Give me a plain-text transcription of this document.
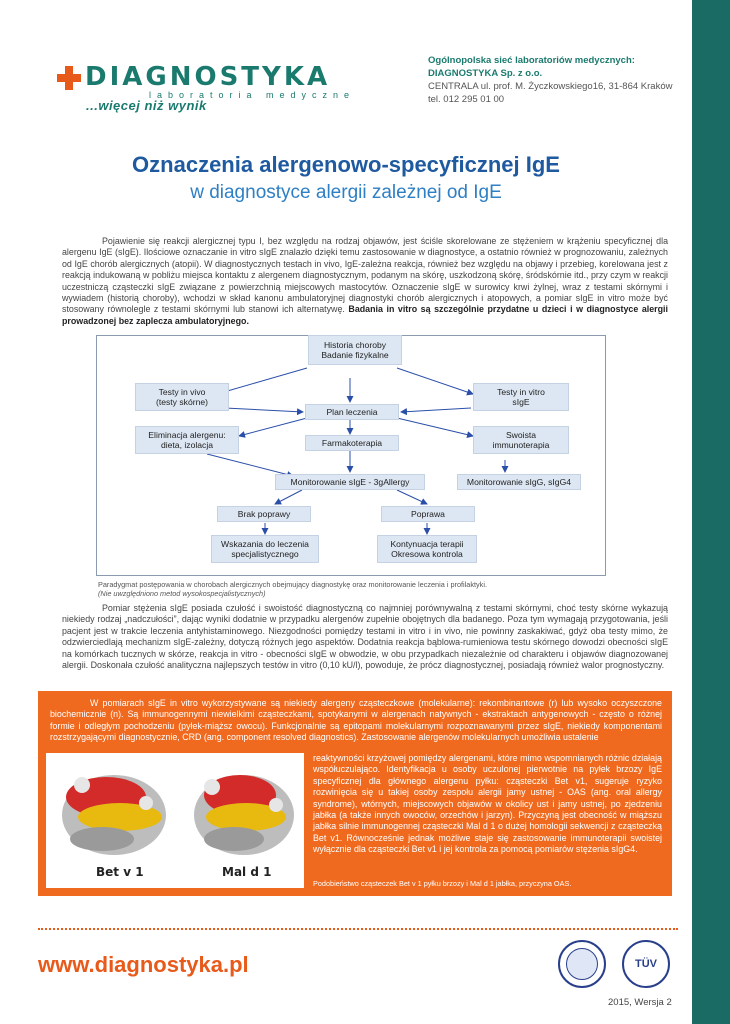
DIAGNOSTYKA
laboratoria medyczne
...więcej niż wynik
Ogólnopolska sieć laboratoriów medycznych:
DIAGNOSTYKA Sp. z o.o.
CENTRALA ul. prof. M. Życzkowskiego16, 31-864 Kraków
tel. 012 295 01 00
Oznaczenia alergenowo-specyficznej IgE
w diagnostyce alergii zależnej od IgE
Pojawienie się reakcji alergicznej typu I, bez względu na rodzaj objawów, jest ściśle skorelowane ze stężeniem w krążeniu specyficznej dla alergenu IgE (sIgE). Ilościowe oznaczanie in vitro sIgE znalazło dzięki temu zastosowanie w diagnostyce, a ostatnio również w prognozowaniu, zależnych od IgE chorób alergicznych (atopii). W diagnostycznych testach in vivo, IgE-zależna reakcja, również bez względu na objawy i przebieg, korelowana jest z reakcją indukowaną w pobliżu miejsca kontaktu z alergenem diagnostycznym, podanym na skórę, uszkodzoną skórę, śródskórnie itd., przy czym w reakcji uczestniczą cząsteczki sIgE związane z powierzchnią miejscowych mastocytów. Oznaczenie sIgE w surowicy krwi żylnej, wraz z testami skórnymi i wywiadem (historią choroby), wchodzi w skład kanonu ambulatoryjnej diagnostyki chorób alergicznych i atopowych, a pomiar sIgE in vitro może być stosowany równolegle z testami skórnymi lub stanowi ich alternatywę. Badania in vitro są szczególnie przydatne u dzieci i w diagnostyce alergii prowadzonej bez zaplecza ambulatoryjnego.
Historia choroby
Badanie fizykalne
Testy in vivo
(testy skórne)
Testy in vitro
sIgE
Plan leczenia
Eliminacja alergenu:
dieta, izolacja
Swoista
immunoterapia
Farmakoterapia
Monitorowanie sIgE - 3gAllergy	Monitorowanie sIgG, sIgG4
Brak poprawy	Poprawa
Wskazania do leczenia
specjalistycznego
Kontynuacja terapii
Okresowa kontrola
Paradygmat postępowania w chorobach alergicznych obejmujący diagnostykę oraz monitorowanie leczenia i profilaktyki.
(Nie uwzględniono metod wysokospecjalistycznych)
Pomiar stężenia sIgE posiada czułość i swoistość diagnostyczną co najmniej porównywalną z testami skórnymi, choć testy skórne wykazują niekiedy rodzaj „nadczułości”, dając wyniki dodatnie w przypadku alergenów zupełnie obojętnych dla badanego. Poza tym wymagają przygotowania, jeśli pacjent jest w trakcie leczenia antyhistaminowego. Niezgodności pomiędzy testami in vitro i in vivo, nie powinny zaskakiwać, gdyż oba testy mimo, że odzwierciedlają mechanizm sIgE-zależny, dotyczą różnych jego aspektów. Dodatnia reakcja bąblowa-rumieniowa testu skórnego dowodzi obecności sIgE na komórkach tucznych w skórze, reakcja in vitro - obecności sIgE w obwodzie, w obu przypadkach niezależnie od charakteru i objawów diagnozowanej alergii. Doskonała czułość analityczna najlepszych testów in vitro (0,10 kU/l), powoduje, że prócz diagnostycznej, posiadają również walor prognostyczny.
W pomiarach sIgE in vitro wykorzystywane są niekiedy alergeny cząsteczkowe (molekularne): rekombinantowe (r) lub wysoko oczyszczone biochemicznie (n). Są immunogennymi niewielkimi cząsteczkami, spotykanymi w alergenach natywnych - ekstraktach antygenowych - często o różnej formie i odległym pochodzeniu (pyłek-miąższ owocu). Funkcjonalnie są epitopami molekularnymi rozpoznawanymi przez sIgE, niekiedy komponentami rozstrzygającymi diagnostycznie, CRD (ang. component resolved diagnostics). Zastosowanie alergenów molekularnych umożliwia ustalenie
Bet v 1	Mal d 1
reaktywności krzyżowej pomiędzy alergenami, które mimo wspomnianych różnic działają współuczulająco. Identyfikacja u osoby uczulonej pierwotnie na pyłek brzozy IgE specyficznej dla głównego alergenu pyłku: cząsteczki Bet v1, sugeruje ryzyko rozwinięcia się u takiej osoby zespołu alergii jamy ustnej - OAS (ang. oral allergy syndrome), wtórnych, miejscowych objawów w okolicy ust i jamy ustnej, po zjedzeniu jabłka (a także innych owoców, orzechów i jarzyn). Przyczyną jest obecność w miąższu jabłka silnie immunogennej cząsteczki Mal d 1 o dużej homologii sekwencji z cząsteczką Bet v1. Równocześnie jednak możliwe staje się zastosowanie immunoterapii swoistej wyłącznie dla cząsteczki Bet v1 i jej kontrola za pomocą pomiarów stężenia sIgG4.
Podobieństwo cząsteczek Bet v 1 pyłku brzozy i Mal d 1 jabłka, przyczyna OAS.
www.diagnostyka.pl	TÜV
2015, Wersja 2
